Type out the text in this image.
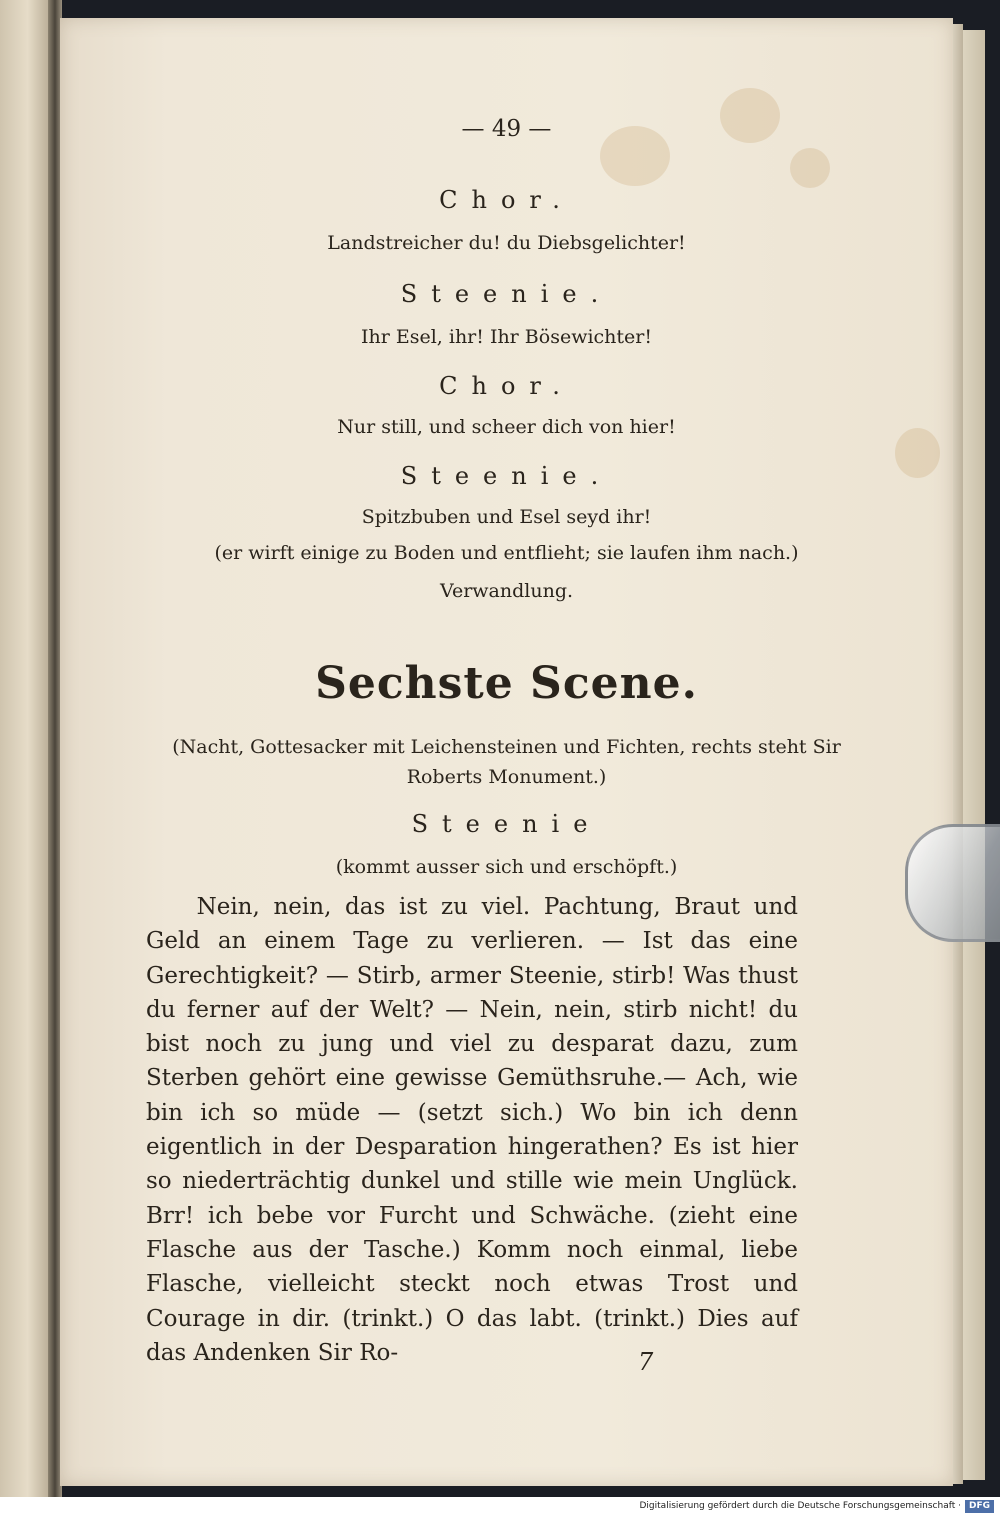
— 49 —
Chor.
Landstreicher du! du Diebsgelichter!
Steenie.
Ihr Esel, ihr! Ihr Bösewichter!
Chor.
Nur still, und scheer dich von hier!
Steenie.
Spitzbuben und Esel seyd ihr!
(er wirft einige zu Boden und entflieht; sie laufen ihm nach.)
Verwandlung.
Sechste Scene.
(Nacht, Gottesacker mit Leichensteinen und Fichten, rechts steht Sir
Roberts Monument.)
Steenie
(kommt ausser sich und erschöpft.)
Nein, nein, das ist zu viel. Pachtung, Braut und Geld an einem Tage zu verlieren. — Ist das eine Gerechtigkeit? — Stirb, armer Steenie, stirb! Was thust du ferner auf der Welt? — Nein, nein, stirb nicht! du bist noch zu jung und viel zu desparat dazu, zum Sterben gehört eine gewisse Gemüthsruhe.— Ach, wie bin ich so müde — (setzt sich.) Wo bin ich denn eigentlich in der Desparation hingerathen? Es ist hier so niederträchtig dunkel und stille wie mein Unglück. Brr! ich bebe vor Furcht und Schwäche. (zieht eine Flasche aus der Tasche.) Komm noch einmal, liebe Flasche, vielleicht steckt noch etwas Trost und Courage in dir. (trinkt.) O das labt. (trinkt.) Dies auf das Andenken Sir Ro-	7
Digitalisierung gefördert durch die Deutsche Forschungsgemeinschaft · DFG
